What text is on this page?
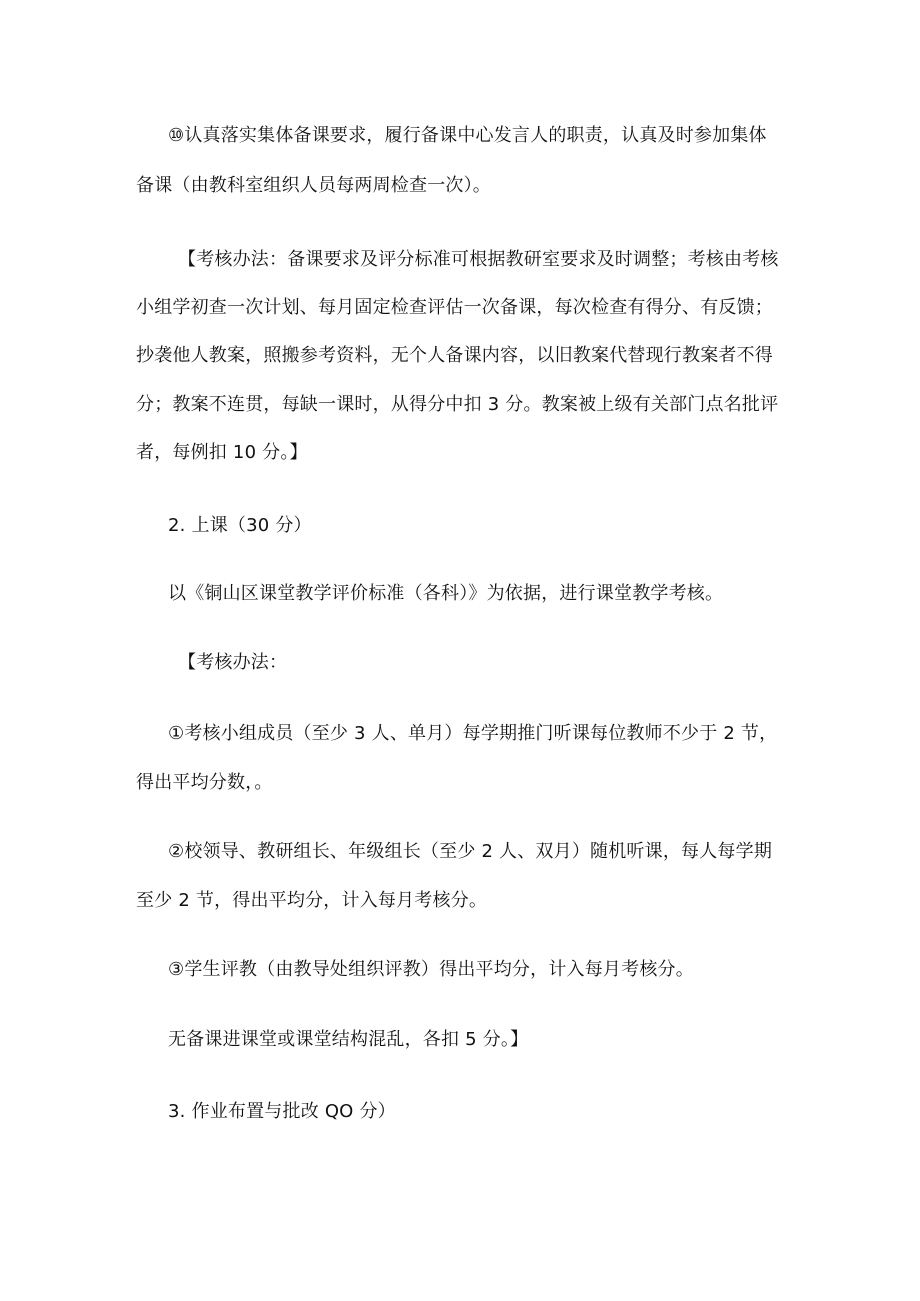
⑩认真落实集体备课要求，履行备课中心发言人的职责，认真及时参加集体
备课（由教科室组织人员每两周检查一次）。
【考核办法：备课要求及评分标准可根据教研室要求及时调整；考核由考核
小组学初查一次计划、每月固定检查评估一次备课，每次检查有得分、有反馈；
抄袭他人教案，照搬参考资料，无个人备课内容，以旧教案代替现行教案者不得
分；教案不连贯，每缺一课时，从得分中扣 3 分。教案被上级有关部门点名批评
者，每例扣 10 分。】
2. 上课（30 分）
以《铜山区课堂教学评价标准（各科）》为依据，进行课堂教学考核。
【考核办法：
①考核小组成员（至少 3 人、单月）每学期推门听课每位教师不少于 2 节，
得出平均分数，。
②校领导、教研组长、年级组长（至少 2 人、双月）随机听课，每人每学期
至少 2 节，得出平均分，计入每月考核分。
③学生评教（由教导处组织评教）得出平均分，计入每月考核分。
无备课进课堂或课堂结构混乱，各扣 5 分。】
3. 作业布置与批改 QO 分）
